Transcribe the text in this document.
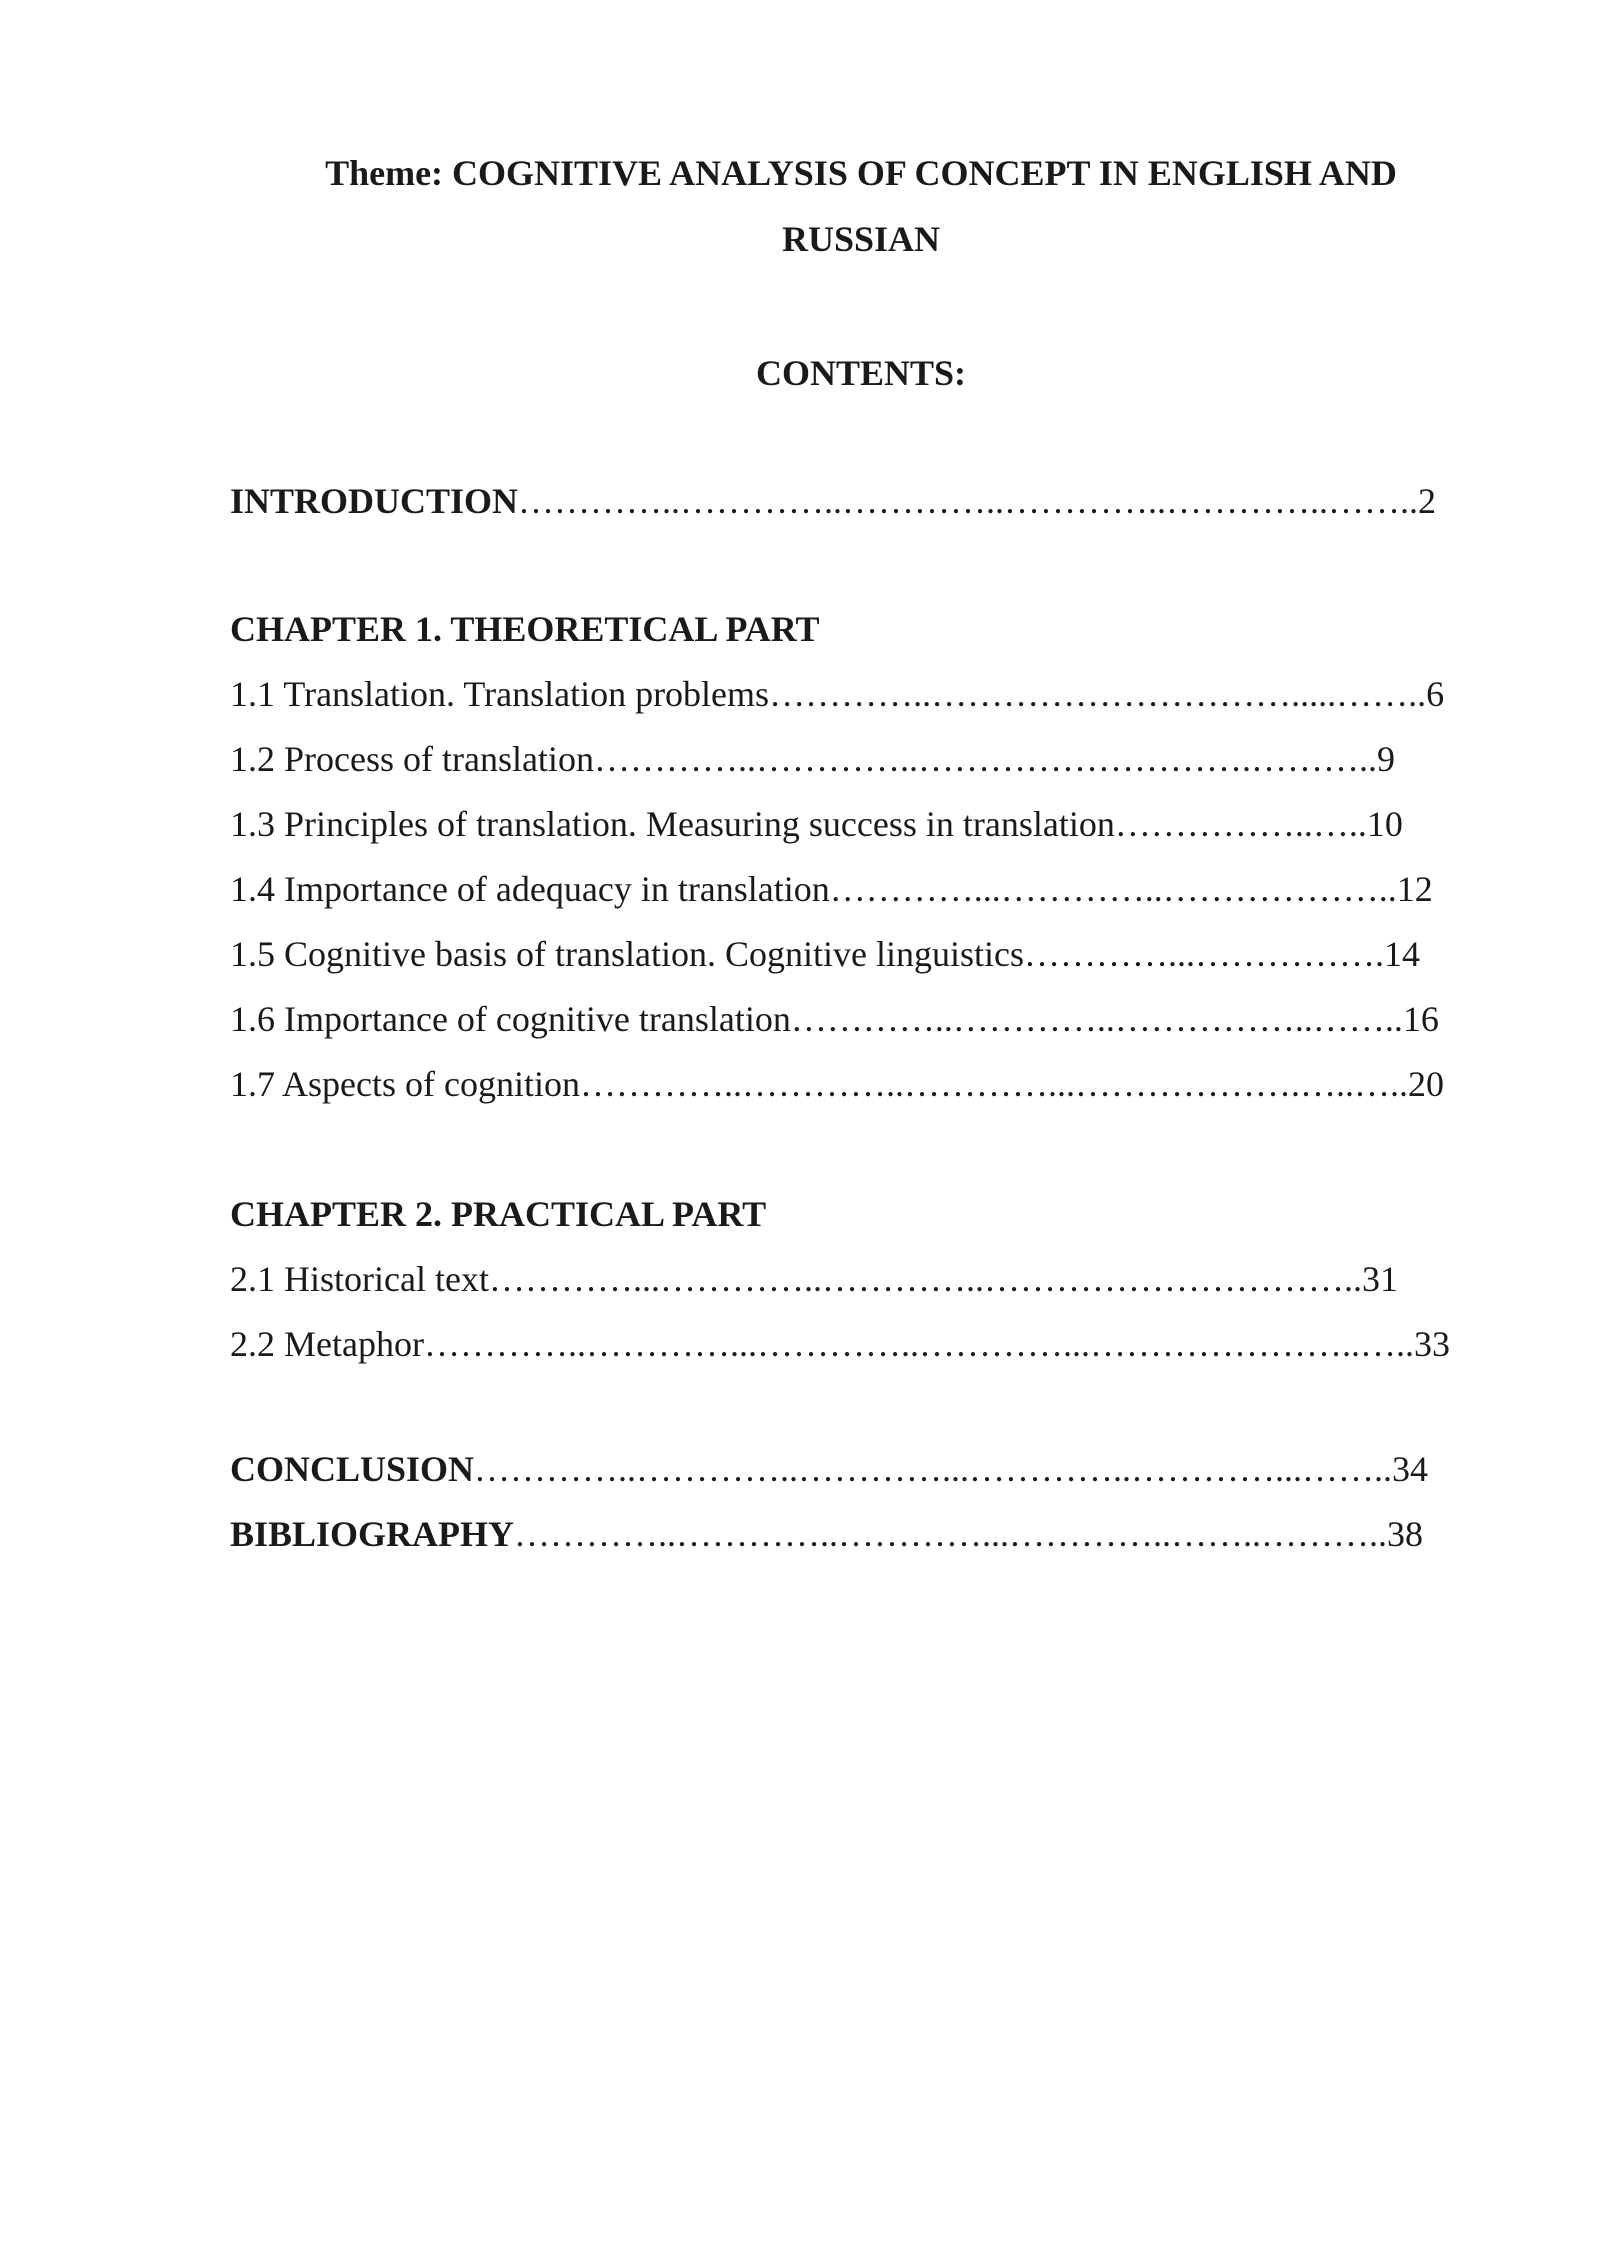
Theme: COGNITIVE ANALYSIS OF CONCEPT IN ENGLISH AND
RUSSIAN
CONTENTS:
INTRODUCTION…………..…………..…………..…………..…………..……..2
CHAPTER 1. THEORETICAL PART
1.1 Translation. Translation problems…………..………………………….....……..6
1.2 Process of translation…………..…………..……………………….………..9
1.3 Principles of translation. Measuring success in translation……………..…..10
1.4 Importance of adequacy in translation…………...…………..………………..12
1.5 Cognitive basis of translation. Cognitive linguistics…………...…………….14
1.6 Importance of cognitive translation…………..…………..……………..……..16
1.7 Aspects of cognition…………..…………..…………...……………….…..…..20
CHAPTER 2. PRACTICAL PART
2.1 Historical text…………...…………..…………..…………………………..31
2.2 Metaphor…………..…………...…………..…………...…………………..…..33
CONCLUSION…………..…………..…………...…………..…………...……..34
BIBLIOGRAPHY…………..…………..…………...…………..……..………..38
